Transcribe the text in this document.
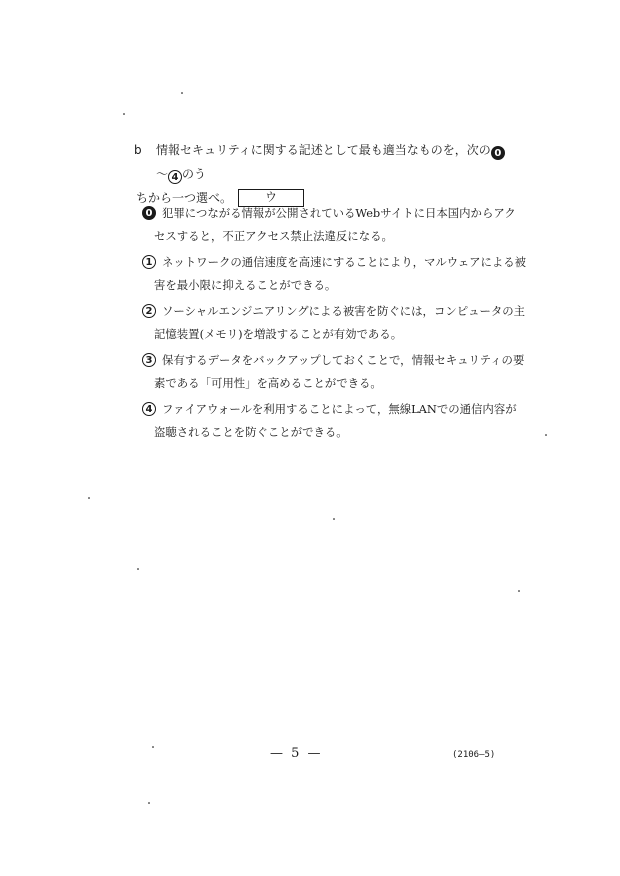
b 情報セキュリティに関する記述として最も適当なものを，次の 0～ 4 のう
ちから一つ選べ。	ウ
0 犯罪につながる情報が公開されているWebサイトに日本国内からアク
セスすると，不正アクセス禁止法違反になる。
1 ネットワークの通信速度を高速にすることにより，マルウェアによる被
害を最小限に抑えることができる。
2 ソーシャルエンジニアリングによる被害を防ぐには，コンピュータの主
記憶装置(メモリ)を増設することが有効である。
3 保有するデータをバックアップしておくことで，情報セキュリティの要
素である「可用性」を高めることができる。
4 ファイアウォールを利用することによって，無線LANでの通信内容が
盗聴されることを防ぐことができる。
— 5 —	(2106—5)
